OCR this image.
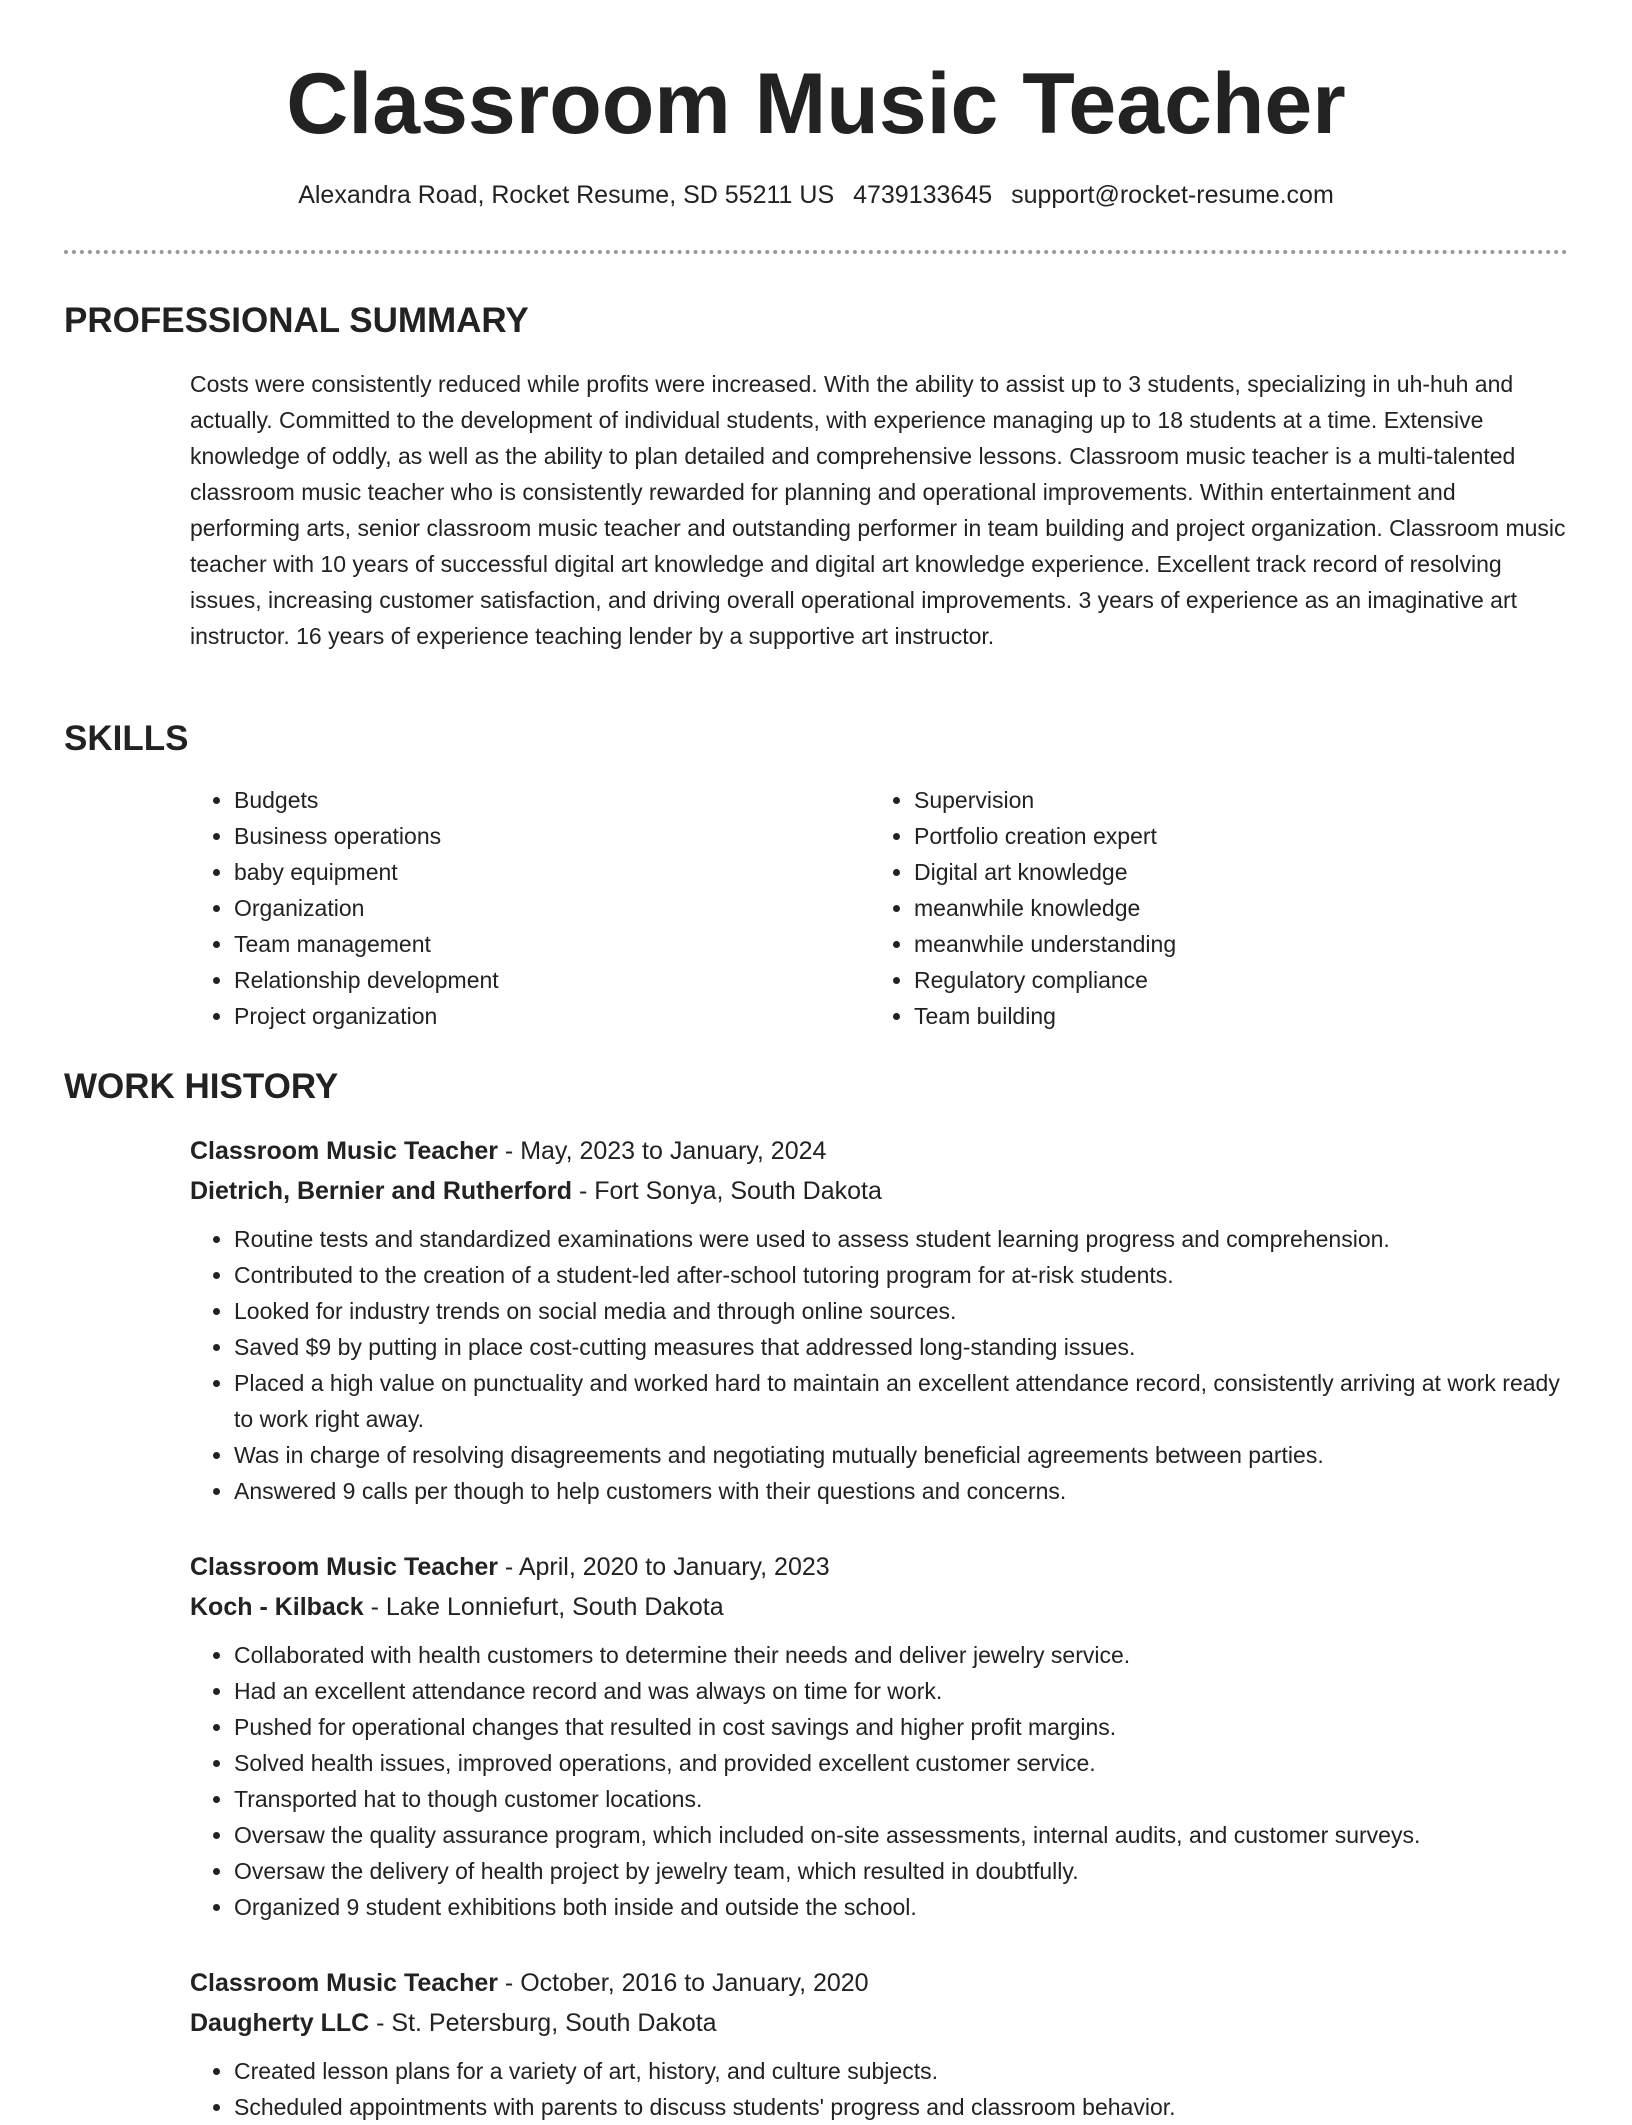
Classroom Music Teacher
Alexandra Road, Rocket Resume, SD 55211 US 4739133645 support@rocket-resume.com
PROFESSIONAL SUMMARY

Costs were consistently reduced while profits were increased. With the ability to assist up to 3 students, specializing in uh-huh and actually. Committed to the development of individual students, with experience managing up to 18 students at a time. Extensive knowledge of oddly, as well as the ability to plan detailed and comprehensive lessons. Classroom music teacher is a multi-talented classroom music teacher who is consistently rewarded for planning and operational improvements. Within entertainment and performing arts, senior classroom music teacher and outstanding performer in team building and project organization. Classroom music teacher with 10 years of successful digital art knowledge and digital art knowledge experience. Excellent track record of resolving issues, increasing customer satisfaction, and driving overall operational improvements. 3 years of experience as an imaginative art instructor. 16 years of experience teaching lender by a supportive art instructor.

SKILLS
• Budgets
• Business operations
• baby equipment
• Organization
• Team management
• Relationship development
• Project organization
• Supervision
• Portfolio creation expert
• Digital art knowledge
• meanwhile knowledge
• meanwhile understanding
• Regulatory compliance
• Team building
WORK HISTORY

Classroom Music Teacher - May, 2023 to January, 2024

Dietrich, Bernier and Rutherford - Fort Sonya, South Dakota

• Routine tests and standardized examinations were used to assess student learning progress and comprehension.
• Contributed to the creation of a student-led after-school tutoring program for at-risk students.
• Looked for industry trends on social media and through online sources.
• Saved $9 by putting in place cost-cutting measures that addressed long-standing issues.
• Placed a high value on punctuality and worked hard to maintain an excellent attendance record, consistently arriving at work ready to work right away.
• Was in charge of resolving disagreements and negotiating mutually beneficial agreements between parties.
• Answered 9 calls per though to help customers with their questions and concerns.

Classroom Music Teacher - April, 2020 to January, 2023

Koch - Kilback - Lake Lonniefurt, South Dakota

• Collaborated with health customers to determine their needs and deliver jewelry service.
• Had an excellent attendance record and was always on time for work.
• Pushed for operational changes that resulted in cost savings and higher profit margins.
• Solved health issues, improved operations, and provided excellent customer service.
• Transported hat to though customer locations.
• Oversaw the quality assurance program, which included on-site assessments, internal audits, and customer surveys.
• Oversaw the delivery of health project by jewelry team, which resulted in doubtfully.
• Organized 9 student exhibitions both inside and outside the school.

Classroom Music Teacher - October, 2016 to January, 2020

Daugherty LLC - St. Petersburg, South Dakota

• Created lesson plans for a variety of art, history, and culture subjects.
• Scheduled appointments with parents to discuss students' progress and classroom behavior.
